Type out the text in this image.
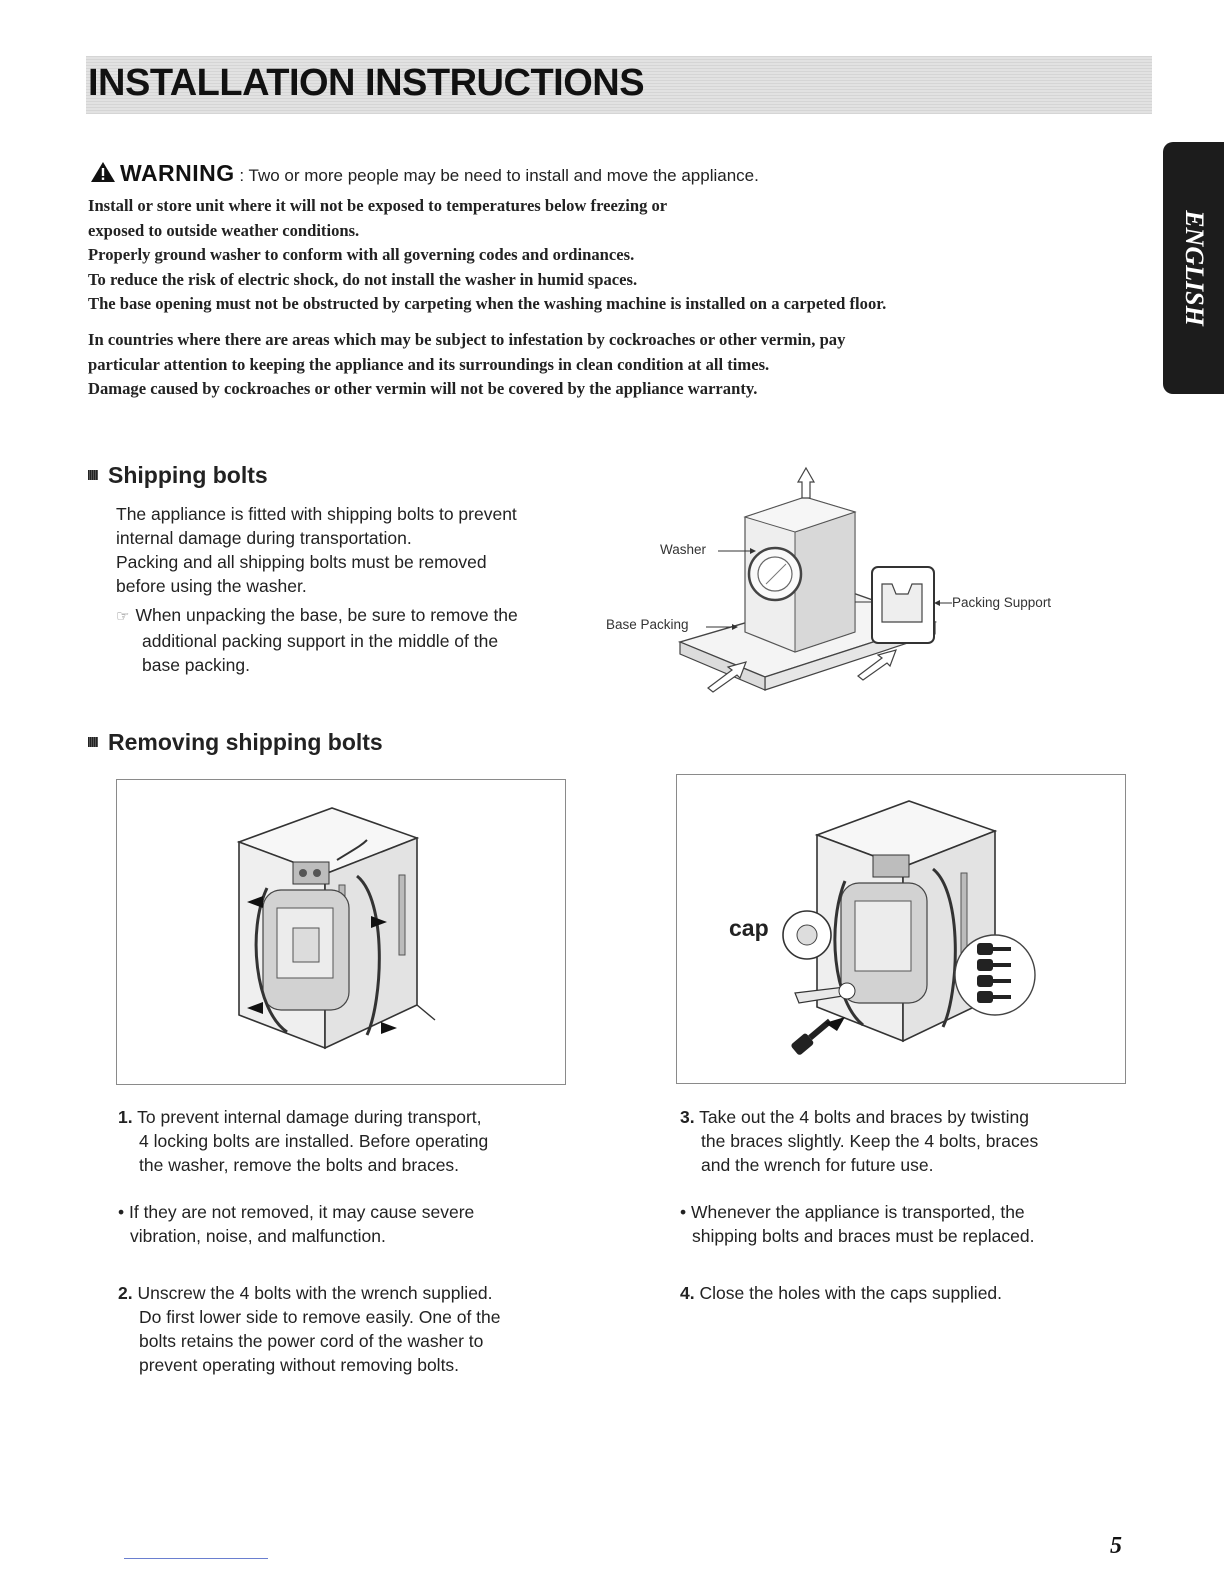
INSTALLATION INSTRUCTIONS
ENGLISH
WARNING : Two or more people may be need to install and move the appliance.
Install or store unit where it will not be exposed to temperatures below freezing or
exposed to outside weather conditions.
Properly ground washer to conform with all governing codes and ordinances.
To reduce the risk of electric shock, do not install the washer in humid spaces.
The base opening must not be obstructed by carpeting when the washing machine is installed on a carpeted floor.
In countries where there are areas which may be subject to infestation by cockroaches or other vermin, pay
particular attention to keeping the appliance and its surroundings in clean condition at all times.
Damage caused by cockroaches or other vermin will not be covered by the appliance warranty.
Shipping bolts
The appliance is fitted with shipping bolts to prevent
internal damage during transportation.
Packing and all shipping bolts must be removed
before using the washer.
☞ When unpacking the base, be sure to remove the
additional packing support in the middle of the
base packing.
Washer
Base Packing
Packing Support
Removing shipping bolts
cap
1. To prevent internal damage during transport,
4 locking bolts are installed. Before operating
the washer, remove the bolts and braces.
• If they are not removed, it may cause severe
vibration, noise, and malfunction.
2. Unscrew the 4 bolts with the wrench supplied.
Do first lower side to remove easily. One of the
bolts retains the power cord of the washer to
prevent operating without removing bolts.
3. Take out the 4 bolts and braces by twisting
the braces slightly. Keep the 4 bolts, braces
and the wrench for future use.
• Whenever the appliance is transported, the
shipping bolts and braces must be replaced.
4. Close the holes with the caps supplied.
5
